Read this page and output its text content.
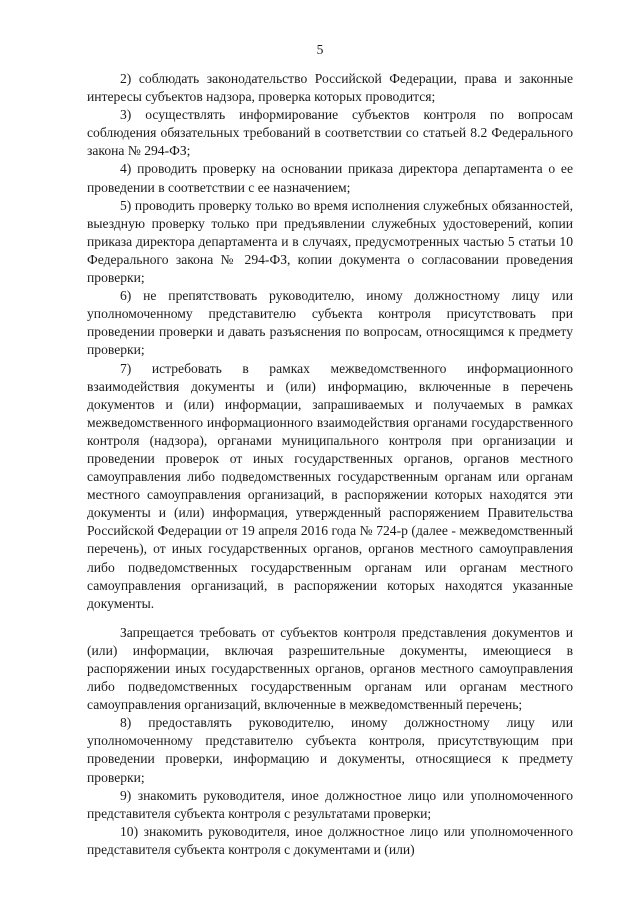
5

2) соблюдать законодательство Российской Федерации, права и законные интересы субъектов надзора, проверка которых проводится;

3) осуществлять информирование субъектов контроля по вопросам соблюдения обязательных требований в соответствии со статьей 8.2 Федерального закона № 294-ФЗ;

4) проводить проверку на основании приказа директора департамента о ее проведении в соответствии с ее назначением;

5) проводить проверку только во время исполнения служебных обязанностей, выездную проверку только при предъявлении служебных удостоверений, копии приказа директора департамента и в случаях, предусмотренных частью 5 статьи 10 Федерального закона № 294-ФЗ, копии документа о согласовании проведения проверки;

6) не препятствовать руководителю, иному должностному лицу или уполномоченному представителю субъекта контроля присутствовать при проведении проверки и давать разъяснения по вопросам, относящимся к предмету проверки;

7) истребовать в рамках межведомственного информационного взаимодействия документы и (или) информацию, включенные в перечень документов и (или) информации, запрашиваемых и получаемых в рамках межведомственного информационного взаимодействия органами государственного контроля (надзора), органами муниципального контроля при организации и проведении проверок от иных государственных органов, органов местного самоуправления либо подведомственных государственным органам или органам местного самоуправления организаций, в распоряжении которых находятся эти документы и (или) информация, утвержденный распоряжением Правительства Российской Федерации от 19 апреля 2016 года № 724-р (далее - межведомственный перечень), от иных государственных органов, органов местного самоуправления либо подведомственных государственным органам или органам местного самоуправления организаций, в распоряжении которых находятся указанные документы.

Запрещается требовать от субъектов контроля представления документов и (или) информации, включая разрешительные документы, имеющиеся в распоряжении иных государственных органов, органов местного самоуправления либо подведомственных государственным органам или органам местного самоуправления организаций, включенные в межведомственный перечень;

8) предоставлять руководителю, иному должностному лицу или уполномоченному представителю субъекта контроля, присутствующим при проведении проверки, информацию и документы, относящиеся к предмету проверки;

9) знакомить руководителя, иное должностное лицо или уполномоченного представителя субъекта контроля с результатами проверки;

10) знакомить руководителя, иное должностное лицо или уполномоченного представителя субъекта контроля с документами и (или)
